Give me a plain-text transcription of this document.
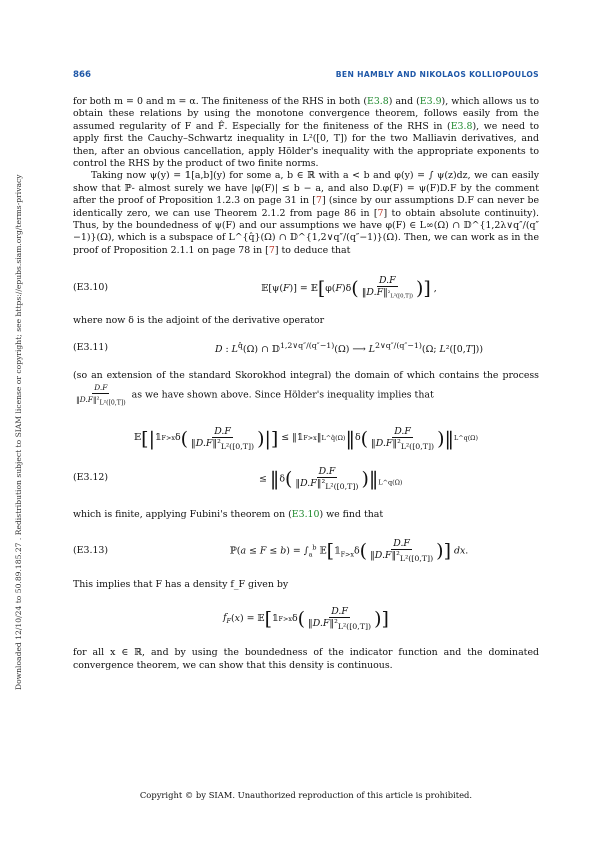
Downloaded 12/10/24 to 50.89.185.27 . Redistribution subject to SIAM license or copyright; see https://epubs.siam.org/terms-privacy
866	BEN HAMBLY AND NIKOLAOS KOLLIOPOULOS

for both m = 0 and m = α. The finiteness of the RHS in both (E3.8) and (E3.9), which allows us to obtain these relations by using the monotone convergence theorem, follows easily from the assumed regularity of F and F̂. Especially for the finiteness of the RHS in (E3.8), we need to apply first the Cauchy–Schwartz inequality in L²([0, T]) for the two Malliavin derivatives, and then, after an obvious cancellation, apply Hölder's inequality with the appropriate exponents to control the RHS by the product of two finite norms.

Taking now ψ(y) = 𝟙[a,b](y) for some a, b ∈ ℝ with a < b and φ(y) = ∫ ψ(z)dz, we can easily show that ℙ- almost surely we have |φ(F)| ≤ b − a, and also D.φ(F) = ψ(F)D.F by the comment after the proof of Proposition 1.2.3 on page 31 in [7] (since by our assumptions D.F can never be identically zero, we can use Theorem 2.1.2 from page 86 in [7] to obtain absolute continuity). Thus, by the boundedness of ψ(F) and our assumptions we have φ(F) ∈ L∞(Ω) ∩ 𝔻^{1,2λ∨q″/(q″−1)}(Ω), which is a subspace of L^{q̂}(Ω) ∩ 𝔻^{1,2∨q″/(q″−1)}(Ω). Then, we can work as in the proof of Proposition 2.1.1 on page 78 in [7] to deduce that

(E3.10)	𝔼[ψ(F)] = 𝔼[φ(F)δ( $\frac{D.F}{‖D.F‖^2_{L^2([0,T])}}$ )] ,

where now δ is the adjoint of the derivative operator

(E3.11)	D : $L^{q̂}(\Omega)$ ∩ 𝔻$^{1,2\vee q''/(q''-1)}$(Ω) ⟶ $L^{2\vee q''/(q''-1)}(\Omega$; L²([0,T]))

(so an extension of the standard Skorokhod integral) the domain of which contains the process
$\frac{D.F}{‖D.F‖^2_{L^2([0,T])}}$ as we have shown above. Since Hölder's inequality implies that

𝔼 [ | 𝟙 F>x δ ( $\frac{D.F}{‖D.F‖^2_{L^2([0,T])}}$ ) | ] ≤ ‖𝟙 F>x ‖ L^q̂(Ω) ‖ δ ( $\frac{D.F}{‖D.F‖^2_{L^2([0,T])}}$ ) ‖ L^q(Ω)
(E3.12)	≤ ‖δ( $\frac{D.F}{‖D.F‖^2_{L^2([0,T])}}$ )$‖_{L\^{}q(\Omega)}$

which is finite, applying Fubini's theorem on (E3.10) we find that

(E3.13)	ℙ(a ≤ $F \le b) = \int_a^b$ $𝔼[𝟙_{F>x}\delta( \frac{D.F}{‖D.F‖^2_{L^2([0,T])}}$ )] dx.

This implies that F has a density f_F given by

$f_F$ ( x ) = 𝔼 [ 𝟙 F>x δ ( $\frac{D.F}{‖D.F‖^2_{L^2([0,T])}}$ ) ]

for all x ∈ ℝ, and by using the boundedness of the indicator function and the dominated convergence theorem, we can show that this density is continuous.

Copyright © by SIAM. Unauthorized reproduction of this article is prohibited.
